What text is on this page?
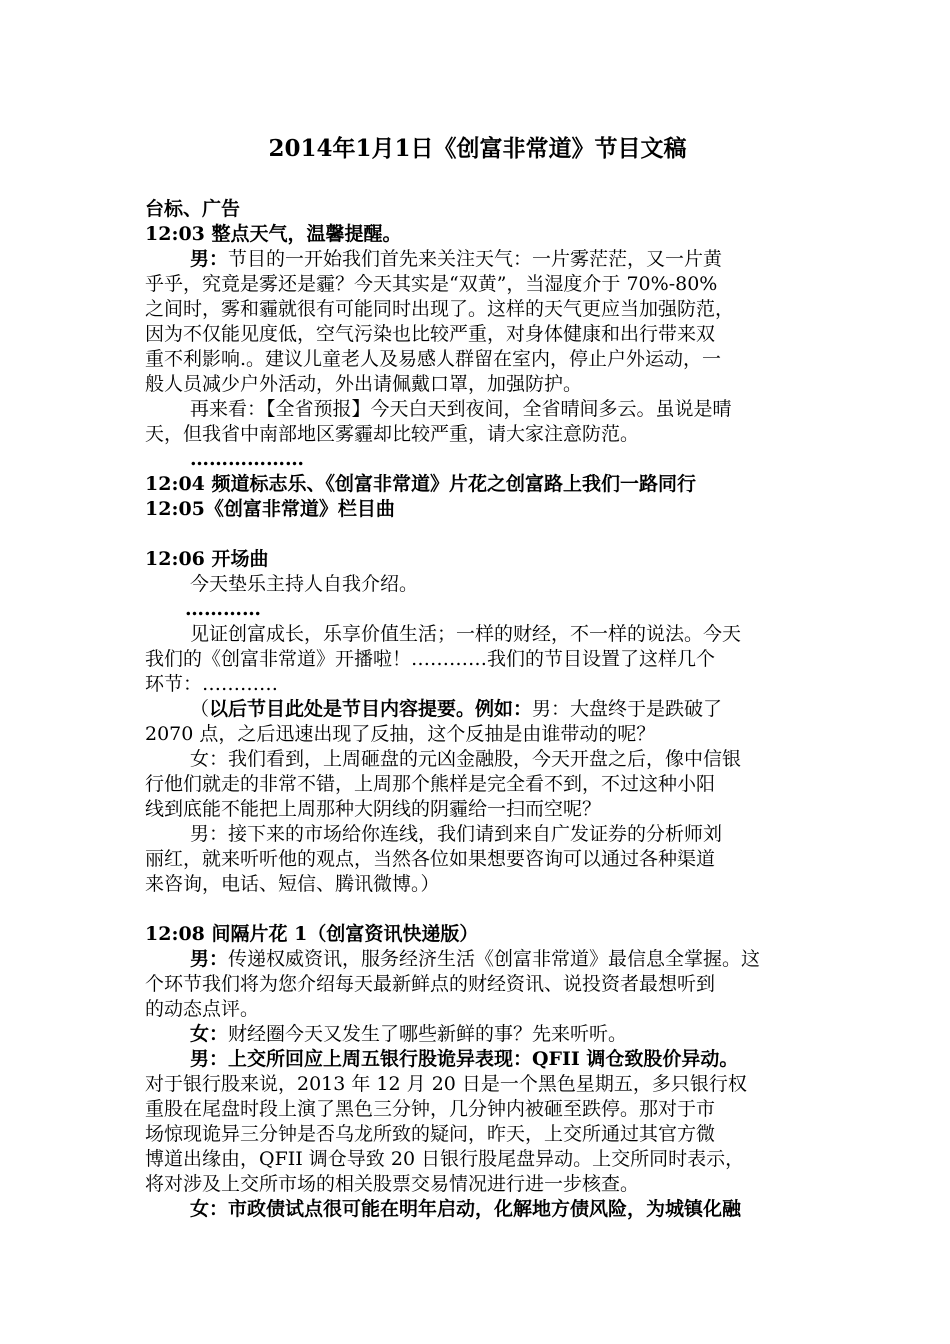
2014年1月1日《创富非常道》节目文稿
台标、广告
12:03 整点天气，温馨提醒。
男：节目的一开始我们首先来关注天气：一片雾茫茫，又一片黄
乎乎，究竟是雾还是霾？今天其实是“双黄”，当湿度介于 70%-80%
之间时，雾和霾就很有可能同时出现了。这样的天气更应当加强防范，
因为不仅能见度低，空气污染也比较严重，对身体健康和出行带来双
重不利影响.。建议儿童老人及易感人群留在室内，停止户外运动，一
般人员减少户外活动，外出请佩戴口罩，加强防护。
再来看：【全省预报】今天白天到夜间，全省晴间多云。虽说是晴
天，但我省中南部地区雾霾却比较严重，请大家注意防范。
………………
12:04 频道标志乐、《创富非常道》片花之创富路上我们一路同行
12:05《创富非常道》栏目曲
12:06 开场曲
今天垫乐主持人自我介绍。
…………
见证创富成长，乐享价值生活；一样的财经，不一样的说法。今天
我们的《创富非常道》开播啦！…………我们的节目设置了这样几个
环节：…………
（以后节目此处是节目内容提要。例如：男：大盘终于是跌破了
2070 点，之后迅速出现了反抽，这个反抽是由谁带动的呢？
女：我们看到，上周砸盘的元凶金融股，今天开盘之后，像中信银
行他们就走的非常不错，上周那个熊样是完全看不到，不过这种小阳
线到底能不能把上周那种大阴线的阴霾给一扫而空呢？
男：接下来的市场给你连线，我们请到来自广发证券的分析师刘
丽红，就来听听他的观点，当然各位如果想要咨询可以通过各种渠道
来咨询，电话、短信、腾讯微博。）
12:08 间隔片花 1（创富资讯快递版）
男：传递权威资讯，服务经济生活《创富非常道》最信息全掌握。这
个环节我们将为您介绍每天最新鲜点的财经资讯、说投资者最想听到
的动态点评。
女：财经圈今天又发生了哪些新鲜的事？先来听听。
男：上交所回应上周五银行股诡异表现：QFII 调仓致股价异动。
对于银行股来说，2013 年 12 月 20 日是一个黑色星期五，多只银行权
重股在尾盘时段上演了黑色三分钟，几分钟内被砸至跌停。那对于市
场惊现诡异三分钟是否乌龙所致的疑问，昨天，上交所通过其官方微
博道出缘由，QFII 调仓导致 20 日银行股尾盘异动。上交所同时表示，
将对涉及上交所市场的相关股票交易情况进行进一步核查。
女：市政债试点很可能在明年启动，化解地方债风险，为城镇化融
